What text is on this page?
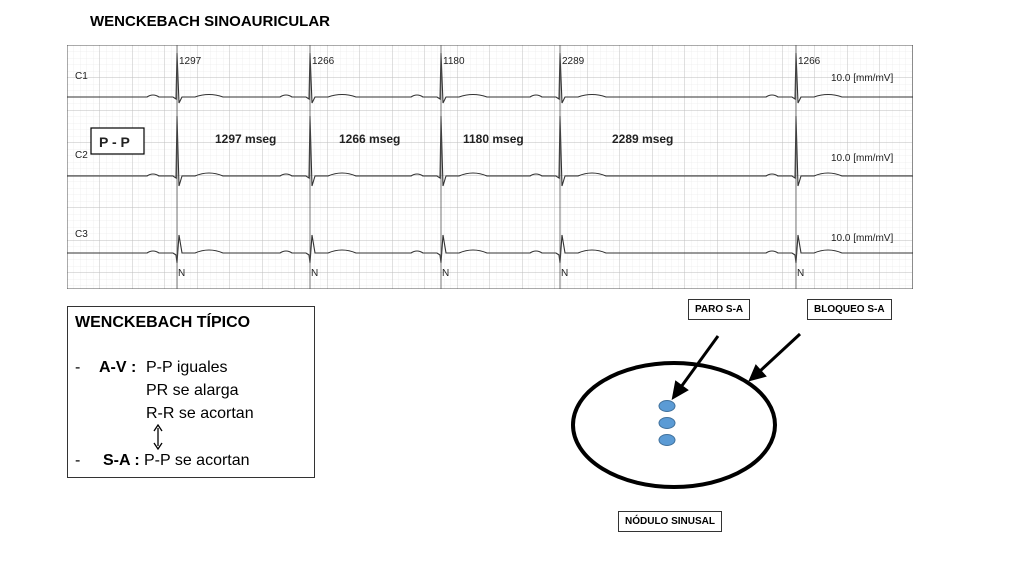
WENCKEBACH SINOAURICULAR
C1
C2
C3
10.0 [mm/mV]
10.0 [mm/mV]
10.0 [mm/mV]
1297	1266	1180	2289	1266
P - P	1297 mseg	1266 mseg	1180 mseg	2289 mseg
N	N	N	N	N
WENCKEBACH TÍPICO
- A-V : P-P iguales
PR se alarga
R-R se acortan
- S-A : P-P se acortan
PARO S-A	BLOQUEO S-A
NÓDULO SINUSAL
